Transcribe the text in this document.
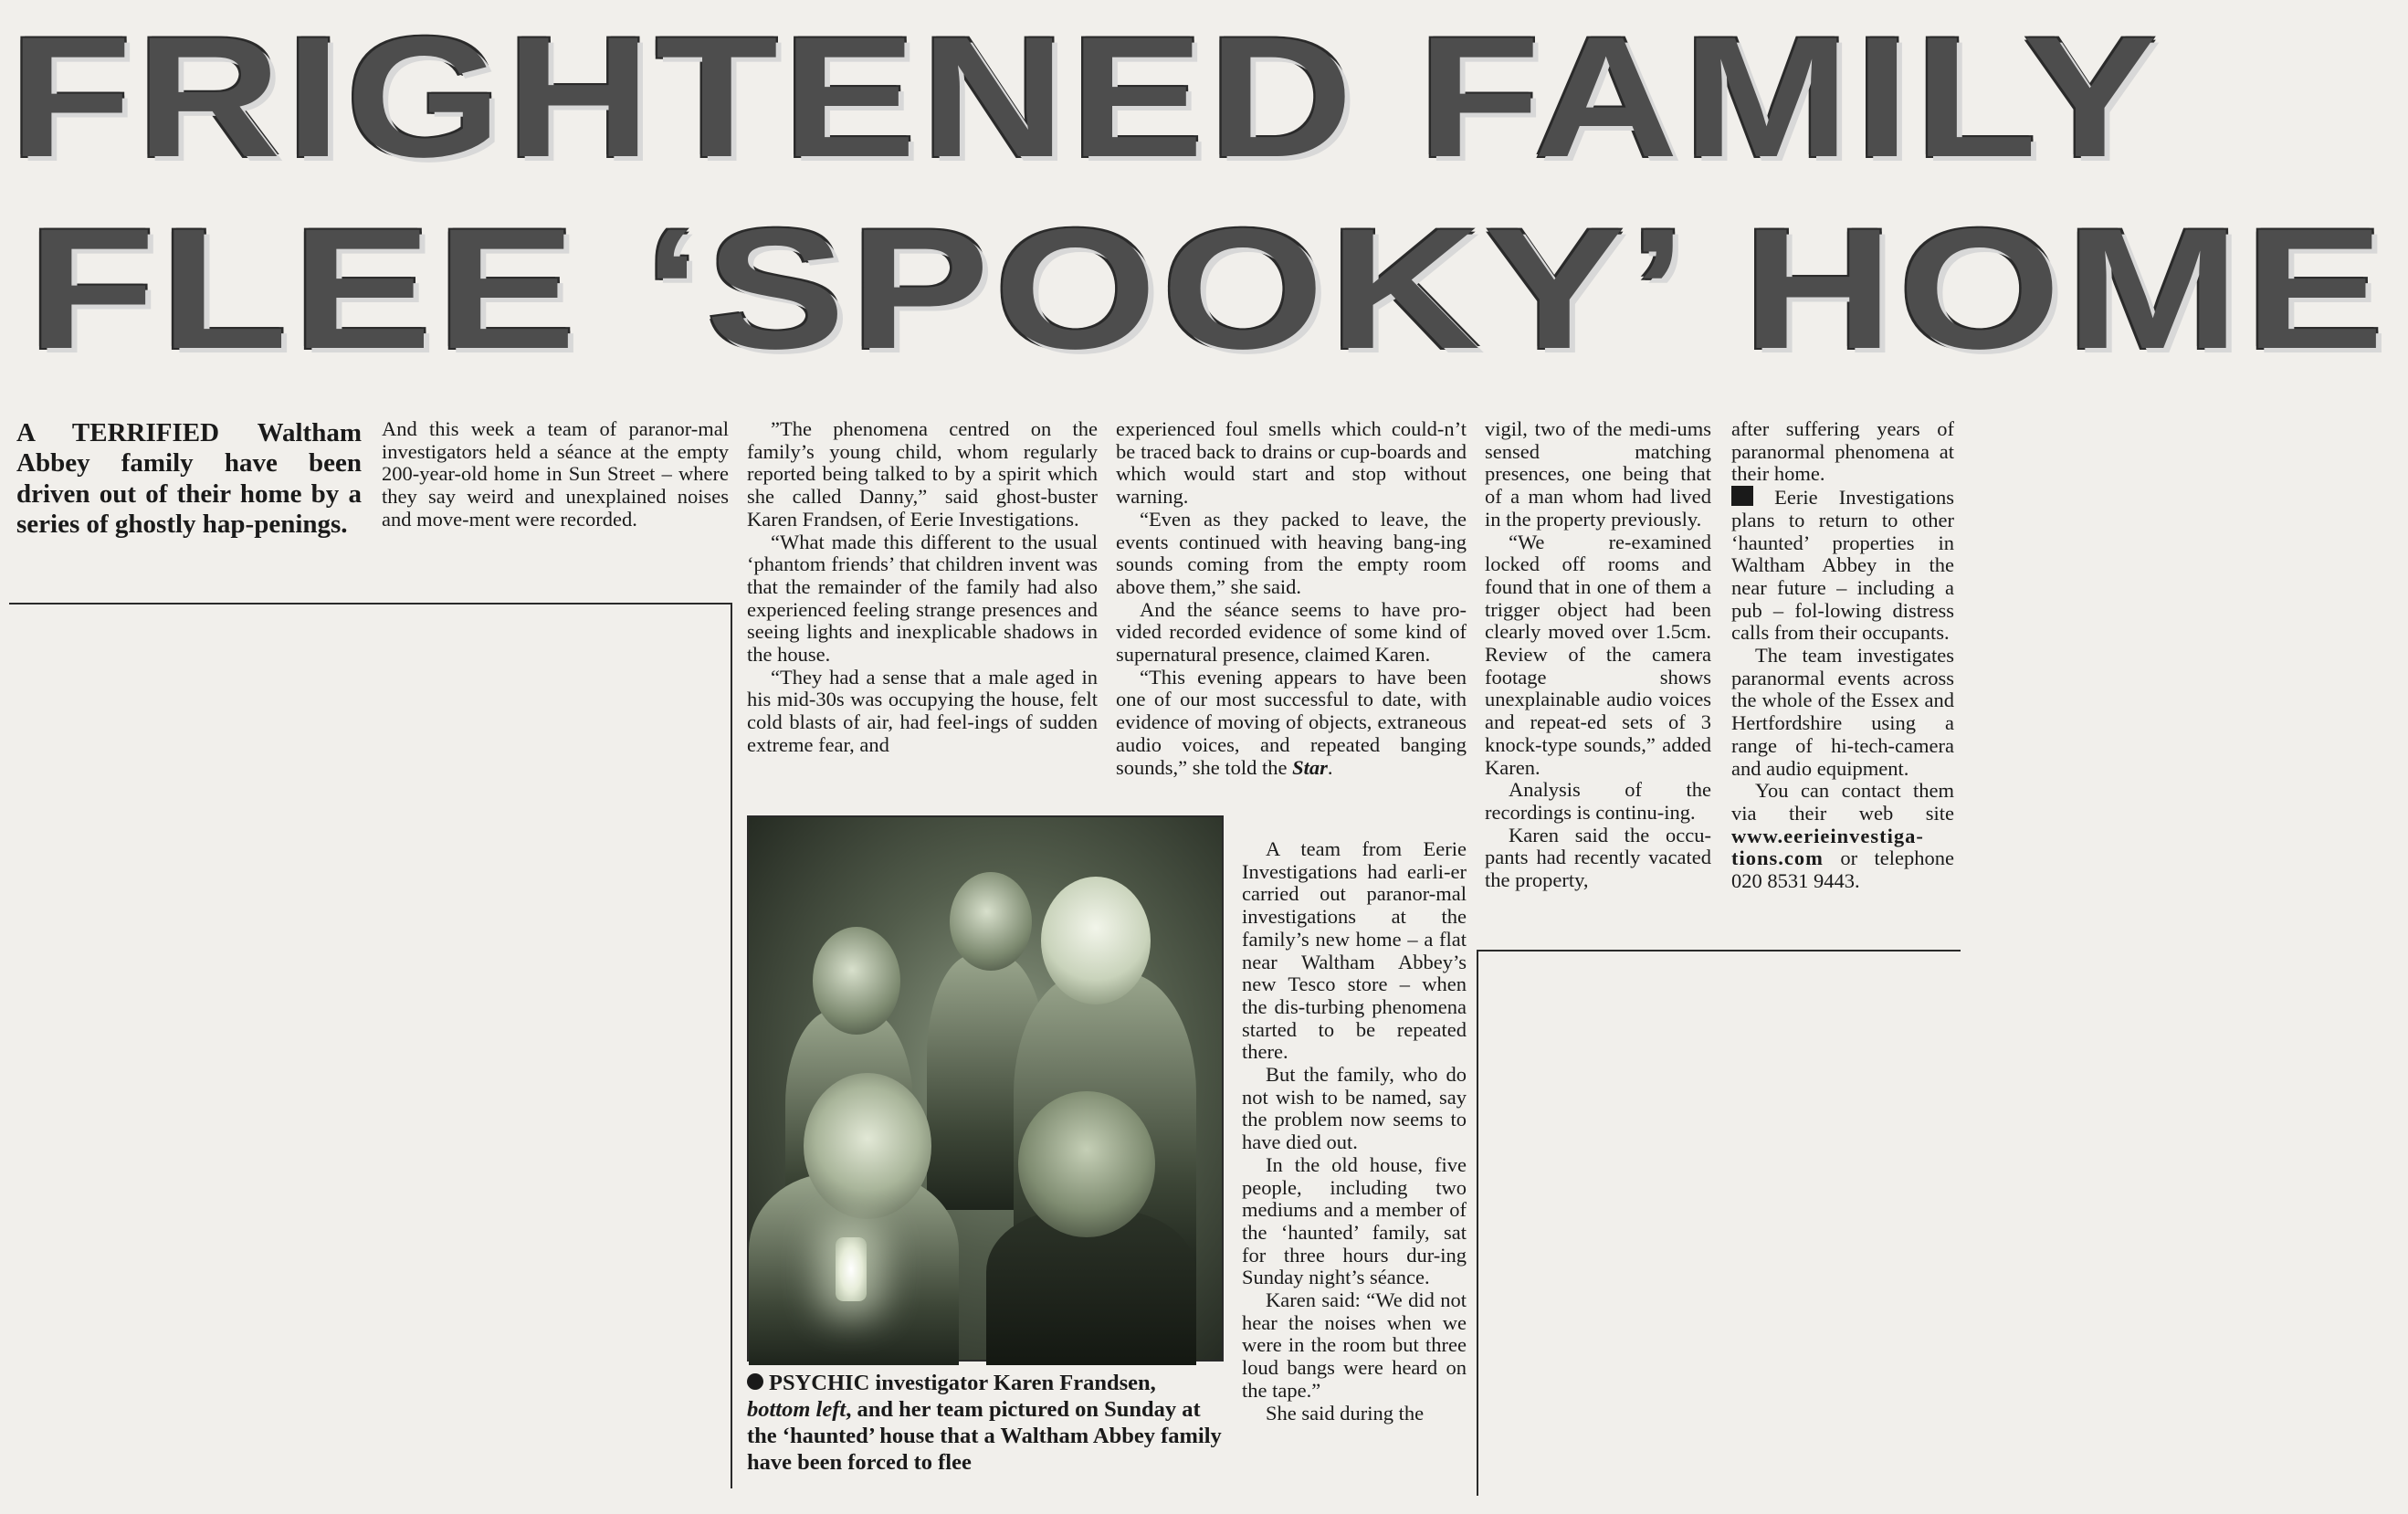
FRIGHTENED FAMILY
FLEE ‘SPOOKY’ HOME
A TERRIFIED Waltham Abbey family have been driven out of their home by a series of ghostly hap-penings.

And this week a team of paranor-mal investigators held a séance at the empty 200-year-old home in Sun Street – where they say weird and unexplained noises and move-ment were recorded.

”The phenomena centred on the family’s young child, whom regularly reported being talked to by a spirit which she called Danny,” said ghost-buster Karen Frandsen, of Eerie Investigations.

“What made this different to the usual ‘phantom friends’ that children invent was that the remainder of the family had also experienced feeling strange presences and seeing lights and inexplicable shadows in the house.

“They had a sense that a male aged in his mid-30s was occupying the house, felt cold blasts of air, had feel-ings of sudden extreme fear, and

experienced foul smells which could-n’t be traced back to drains or cup-boards and which would start and stop without warning.

“Even as they packed to leave, the events continued with heaving bang-ing sounds coming from the empty room above them,” she said.

And the séance seems to have pro-vided recorded evidence of some kind of supernatural presence, claimed Karen.

“This evening appears to have been one of our most successful to date, with evidence of moving of objects, extraneous audio voices, and repeated banging sounds,” she told the Star.

A team from Eerie Investigations had earli-er carried out paranor-mal investigations at the family’s new home – a flat near Waltham Abbey’s new Tesco store – when the dis-turbing phenomena started to be repeated there.

But the family, who do not wish to be named, say the problem now seems to have died out.

In the old house, five people, including two mediums and a member of the ‘haunted’ family, sat for three hours dur-ing Sunday night’s séance.

Karen said: “We did not hear the noises when we were in the room but three loud bangs were heard on the tape.”

She said during the

vigil, two of the medi-ums sensed matching presences, one being that of a man whom had lived in the property previously.

“We re-examined locked off rooms and found that in one of them a trigger object had been clearly moved over 1.5cm. Review of the camera footage shows unexplainable audio voices and repeat-ed sets of 3 knock-type sounds,” added Karen.

Analysis of the recordings is continu-ing.

Karen said the occu-pants had recently vacated the property,

after suffering years of paranormal phenomena at their home.

Eerie Investigations plans to return to other ‘haunted’ properties in Waltham Abbey in the near future – including a pub – fol-lowing distress calls from their occupants.

The team investigates paranormal events across the whole of the Essex and Hertfordshire using a range of hi-tech-camera and audio equipment.

You can contact them via their web site www.eerieinvestiga-tions.com or telephone 020 8531 9443.

PSYCHIC investigator Karen Frandsen, bottom left, and her team pictured on Sunday at the ‘haunted’ house that a Waltham Abbey family have been forced to flee
